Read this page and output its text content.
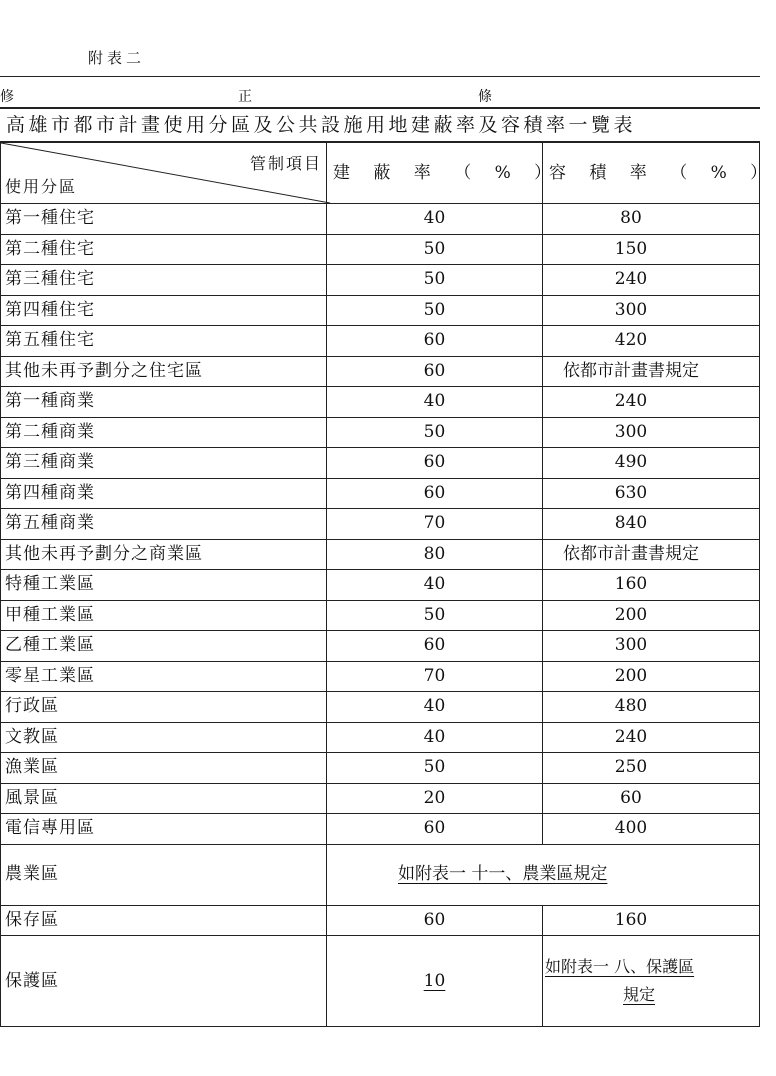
附表二
修	正	條
高雄市都市計畫使用分區及公共設施用地建蔽率及容積率一覽表
管制項目
使用分區	建 蔽 率 （ % ）	容 積 率 （ % ）
第一種住宅	40	80
第二種住宅	50	150
第三種住宅	50	240
第四種住宅	50	300
第五種住宅	60	420
其他未再予劃分之住宅區	60	依都市計畫書規定
第一種商業	40	240
第二種商業	50	300
第三種商業	60	490
第四種商業	60	630
第五種商業	70	840
其他未再予劃分之商業區	80	依都市計畫書規定
特種工業區	40	160
甲種工業區	50	200
乙種工業區	60	300
零星工業區	70	200
行政區	40	480
文教區	40	240
漁業區	50	250
風景區	20	60
電信專用區	60	400
農業區	如附表一 十一、農業區規定	
保存區	60	160
保護區	10	如附表一 八、保護區
規定
